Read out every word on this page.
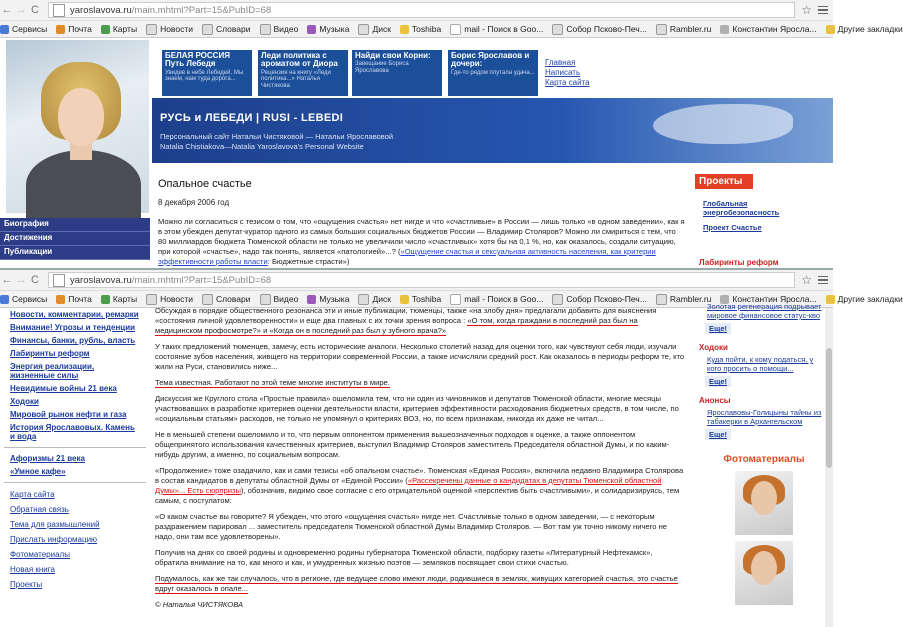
← → C	yaroslavova.ru /main.mhtml?Part=15&PubID=68	☆
Сервисы Почта Карты	Новости	Словари	Видео Музыка	Диск Toshiba	mail - Поиск в Goo...	Собор Псково-Печ...	Rambler.ru Константин Яросла... Другие закладки
БЕЛАЯ РОССИЯ Путь Лебедя
Увидев в небе Лебедей, Мы знаем, нам туда дорога...
Леди политика с ароматом от Диора
Рецензия на книгу «Леди политика...» Наталья Чистякова
Найди свои Корни:
Завещание Бориса Ярославова
Борис Ярославов и дочери:
Где-то рядом плутала удача...
Главная
Написать
Карта сайта
РУСЬ и ЛЕБЕДИ | RUSI - LEBEDI

Персональный сайт Натальи Чистяковой — Натальи Ярославовой

Natalia Chistiakova—Natalia Yaroslavova's Personal Website

Опальное счастье
8 декабря 2006 год
Можно ли согласиться с тезисом о том, что «ощущения счастья» нет нигде и что «счастливые» в России — лишь только «в одном заведении», как я в этом убежден депутат-куратор одного из самых больших социальных бюджетов России — Владимир Столяров? Можно ли смириться с тем, что 80 миллиардов бюджета Тюменской области не только не увеличили число «счастливых» хотя бы на 0,1 %, но, как оказалось, создали ситуацию, при которой «счастье», надо так понять, является «патологией»...? («Ощущение счастья и сексуальная активность населения, как критерии эффективности работы власти: Бюджетные страсти»)
Биография
Достижения
Публикации
Проекты
Глобальная энергобезопасность
Проект Счастье
Лабиринты реформ
← → C	yaroslavova.ru /main.mhtml?Part=15&PubID=68	☆
Сервисы Почта Карты	Новости	Словари	Видео Музыка	Диск Toshiba	mail - Поиск в Goo...	Собор Псково-Печ...	Rambler.ru Константин Яросла... Другие закладки
Новости, комментарии, ремарки
Внимание! Угрозы и тенденции
Финансы, банки, рубль, власть
Лабиринты реформ
Энергия реализации, жизненные силы
Невидимые войны 21 века
Ходоки
Мировой рынок нефти и газа
История Ярославовых. Камень и вода
Афоризмы 21 века
«Умное кафе»
Карта сайта
Обратная связь
Тема для размышлений
Прислать информацию
Фотоматериалы
Новая книга
Проекты

Обсуждая в порядке общественного резонанса эти и иные публикации, тюменцы, также «на злобу дня» предлагали добавить для выяснения «состояния личной удовлетворенности» и еще два главных с их точки зрения вопроса : «О том, когда граждани в последний раз был на медицинском профосмотре?» и «Когда он в последний раз был у зубного врача?»

У таких предложений тюменцев, замечу, есть исторические аналоги. Несколько столетий назад для оценки того, как чувствуют себя люди, изучали состояние зубов населения, живщего на территории современной России, а также исчисляли средний рост. Как оказалось в периоды реформ те, кто жили на Руси, становились ниже...

Тема известная. Работают по этой теме многие институты в мире.

Дискуссия же Круглого стола «Простые правила» ошеломила тем, что ни один из чиновников и депутатов Тюменской области, многие месяцы участвовавших в разработке критериев оценки деятельности власти, критериев эффективности расходования бюджетных средств, в том числе, по «социальным статьям» расходов, не только не упомянул о критериях ВОЗ, но, по всем признакам, никогда их даже не читал...

Не в меньшей степени ошеломило и то, что первым оппонентом применения вышеозначенных подходов к оценке, а также оппонентом общепринятого использования качественных критериев, выступил Владимир Столяров заместитель Председателя областной Думы, и по каким-нибудь другим, а именно, по социальным вопросам.

«Продолжение» тоже озадачило, как и сами тезисы «об опальном счастье». Тюменская «Единая Россия», включила недавно Владимира Столярова в состав кандидатов в депутаты областной Думы от «Единой России» («Рассекречены данные о кандидатах в депутаты Тюменской областной Думы»... Есть сюрпризы), обозначив, видимо свое согласие с его отрицательной оценкой «перспектив быть счастливыми», и солидаризируясь, тем самым, с постулатом:

«О каком счастье вы говорите? Я убежден, что этого «ощущения счастья» нигде нет. Счастливые только в одном заведении, — с некоторым раздражением парировал ... заместитель председателя Тюменской областной Думы Владимир Столяров. — Вот там уж точно никому ничего не надо, они там все удовлетворены».

Получив на днях со своей родины и одновременно родины губернатора Тюменской области, подборку газеты «Литературный Нефтекамск», обратила внимание на то, как много и как, и умудренных жизнью поэтов — земляков посвящает свои стихи счастью.

Подумалось, как же так случалось, что в регионе, где ведущее слово имеют люди, родившиеся в землях, живущих категорией счастья, это счастье вдруг оказалось в опале...

© Наталья ЧИСТЯКОВА

Золотая регенерация подрывает мировое финансовое статус-кво
Еще!
Ходоки
Куда пойти, к кому податься, у кого просить о помощи...
Еще!
Анонсы
Ярославовы-Голицыны тайны из табакерки в Архангельском
Еще!
Фотоматериалы
